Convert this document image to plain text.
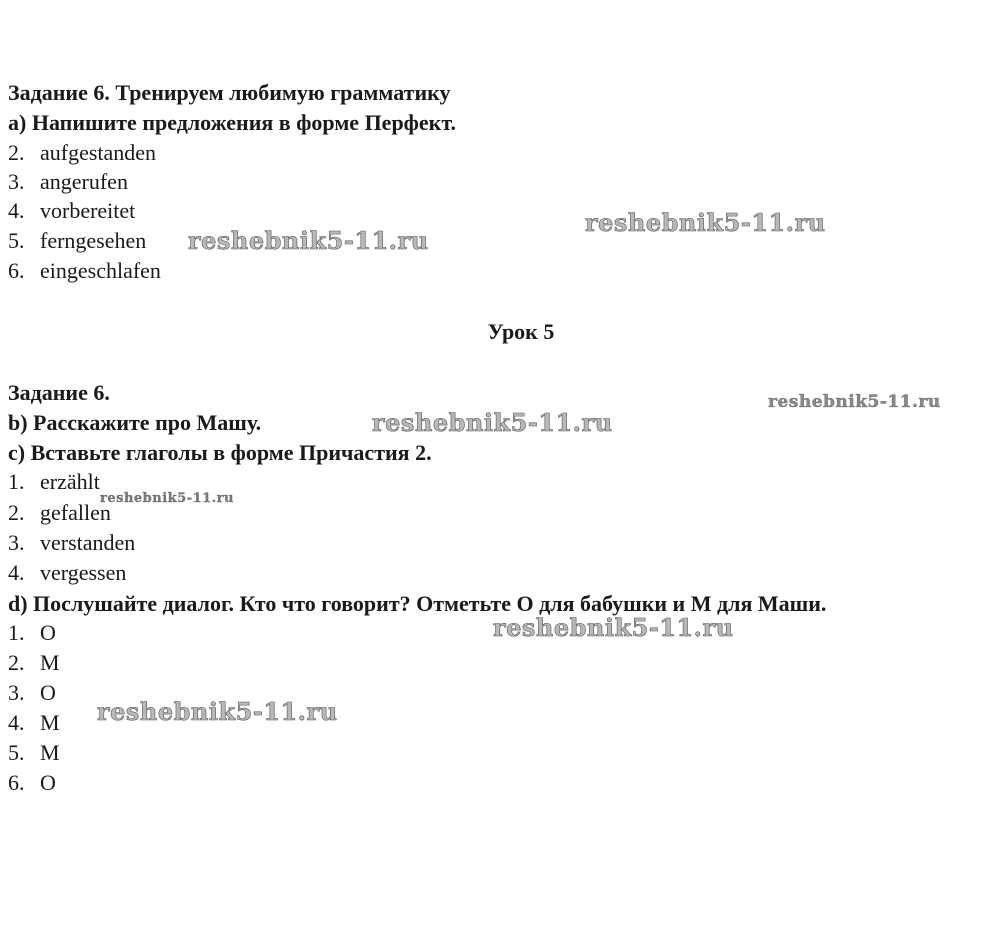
Задание 6. Тренируем любимую грамматику
а) Напишите предложения в форме Перфект.
2. aufgestanden
3. angerufen
4. vorbereitet
5. ferngesehen
6. eingeschlafen
Урок 5
Задание 6.
b) Расскажите про Машу.
c) Вставьте глаголы в форме Причастия 2.
1. erzählt
2. gefallen
3. verstanden
4. vergessen
d) Послушайте диалог. Кто что говорит? Отметьте О для бабушки и М для Маши.
1. О
2. М
3. О
4. М
5. М
6. О
reshebnik5-11.ru
reshebnik5-11.ru
reshebnik5-11.ru
reshebnik5-11.ru
reshebnik5-11.ru
reshebnik5-11.ru
reshebnik5-11.ru
